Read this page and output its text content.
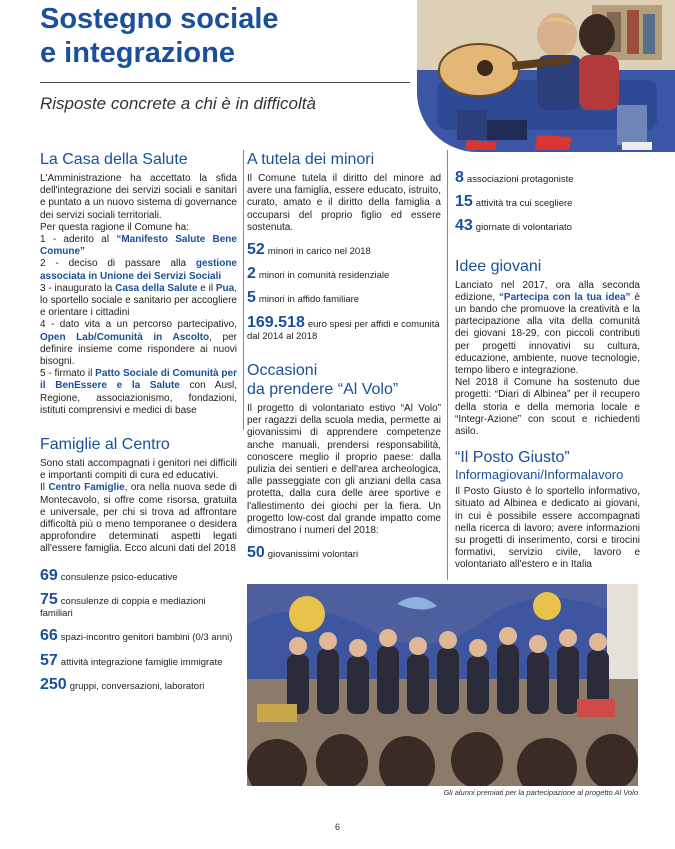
Sostegno sociale
e integrazione

Risposte concrete a chi è in difficoltà

La Casa della Salute

L'Amministrazione ha accettato la sfida dell'integrazione dei servizi sociali e sanitari e puntato a un nuovo sistema di governance dei servizi sociali territoriali.

Per questa ragione il Comune ha:

1 - aderito al “Manifesto Salute Bene Comune”

2 - deciso di passare alla gestione associata in Unione dei Servizi Sociali

3 - inaugurato la Casa della Salute e il Pua, lo sportello sociale e sanitario per accogliere e orientare i cittadini

4 - dato vita a un percorso partecipativo, Open Lab/Comunità in Ascolto, per definire insieme come rispondere ai nuovi bisogni.

5 - firmato il Patto Sociale di Comunità per il BenEssere e la Salute con Ausl, Regione, associazionismo, fondazioni, istituti comprensivi e medici di base

Famiglie al Centro

Sono stati accompagnati i genitori nei difficili e importanti compiti di cura ed educativi.

Il Centro Famiglie, ora nella nuova sede di Montecavolo, si offre come risorsa, gratuita e universale, per chi si trova ad affrontare difficoltà più o meno temporanee o desidera approfondire determinati aspetti legati all'essere famiglia. Ecco alcuni dati del 2018

69 consulenze psico-educative
75 consulenze di coppia e mediazioni familiari
66 spazi-incontro genitori bambini (0/3 anni)
57 attività integrazione famiglie immigrate
250 gruppi, conversazioni, laboratori
A tutela dei minori

Il Comune tutela il diritto del minore ad avere una famiglia, essere educato, istruito, curato, amato e il diritto della famiglia a occuparsi del proprio figlio ed essere sostenuta.

52 minori in carico nel 2018
2 minori in comunità residenziale
5 minori in affido familiare
169.518 euro spesi per affidi e comunità dal 2014 al 2018
Occasioni
da prendere “Al Volo”

Il progetto di volontariato estivo “Al Volo” per ragazzi della scuola media, permette ai giovanissimi di apprendere competenze anche manuali, prendersi responsabilità, conoscere meglio il proprio paese: dalla pulizia dei sentieri e dell'area archeologica, alle passeggiate con gli anziani della casa protetta, dalla cura delle aree sportive e l'allestimento dei giochi per la fiera. Un progetto low-cost dal grande impatto come dimostrano i numeri del 2018:

50 giovanissimi volontari
8 associazioni protagoniste
15 attività tra cui scegliere
43 giornate di volontariato
Idee giovani

Lanciato nel 2017, ora alla seconda edizione, “Partecipa con la tua idea” è un bando che promuove la creatività e la partecipazione alla vita della comunità dei giovani 18-29, con piccoli contributi per progetti innovativi su cultura, educazione, ambiente, nuove tecnologie, tempo libero e integrazione.

Nel 2018 il Comune ha sostenuto due progetti: “Diari di Albinea” per il recupero della storia e della memoria locale e “Integr-Azione” con scout e richiedenti asilo.

“Il Posto Giusto”
Informagiovani/Informalavoro

Il Posto Giusto è lo sportello informativo, situato ad Albinea e dedicato ai giovani, in cui è possibile essere accompagnati nella ricerca di lavoro; avere informazioni su progetti di inserimento, corsi e tirocini formativi, servizio civile, lavoro e volontariato all'estero e in Italia

Gli alunni premiati per la partecipazione al progetto Al Volo
6
